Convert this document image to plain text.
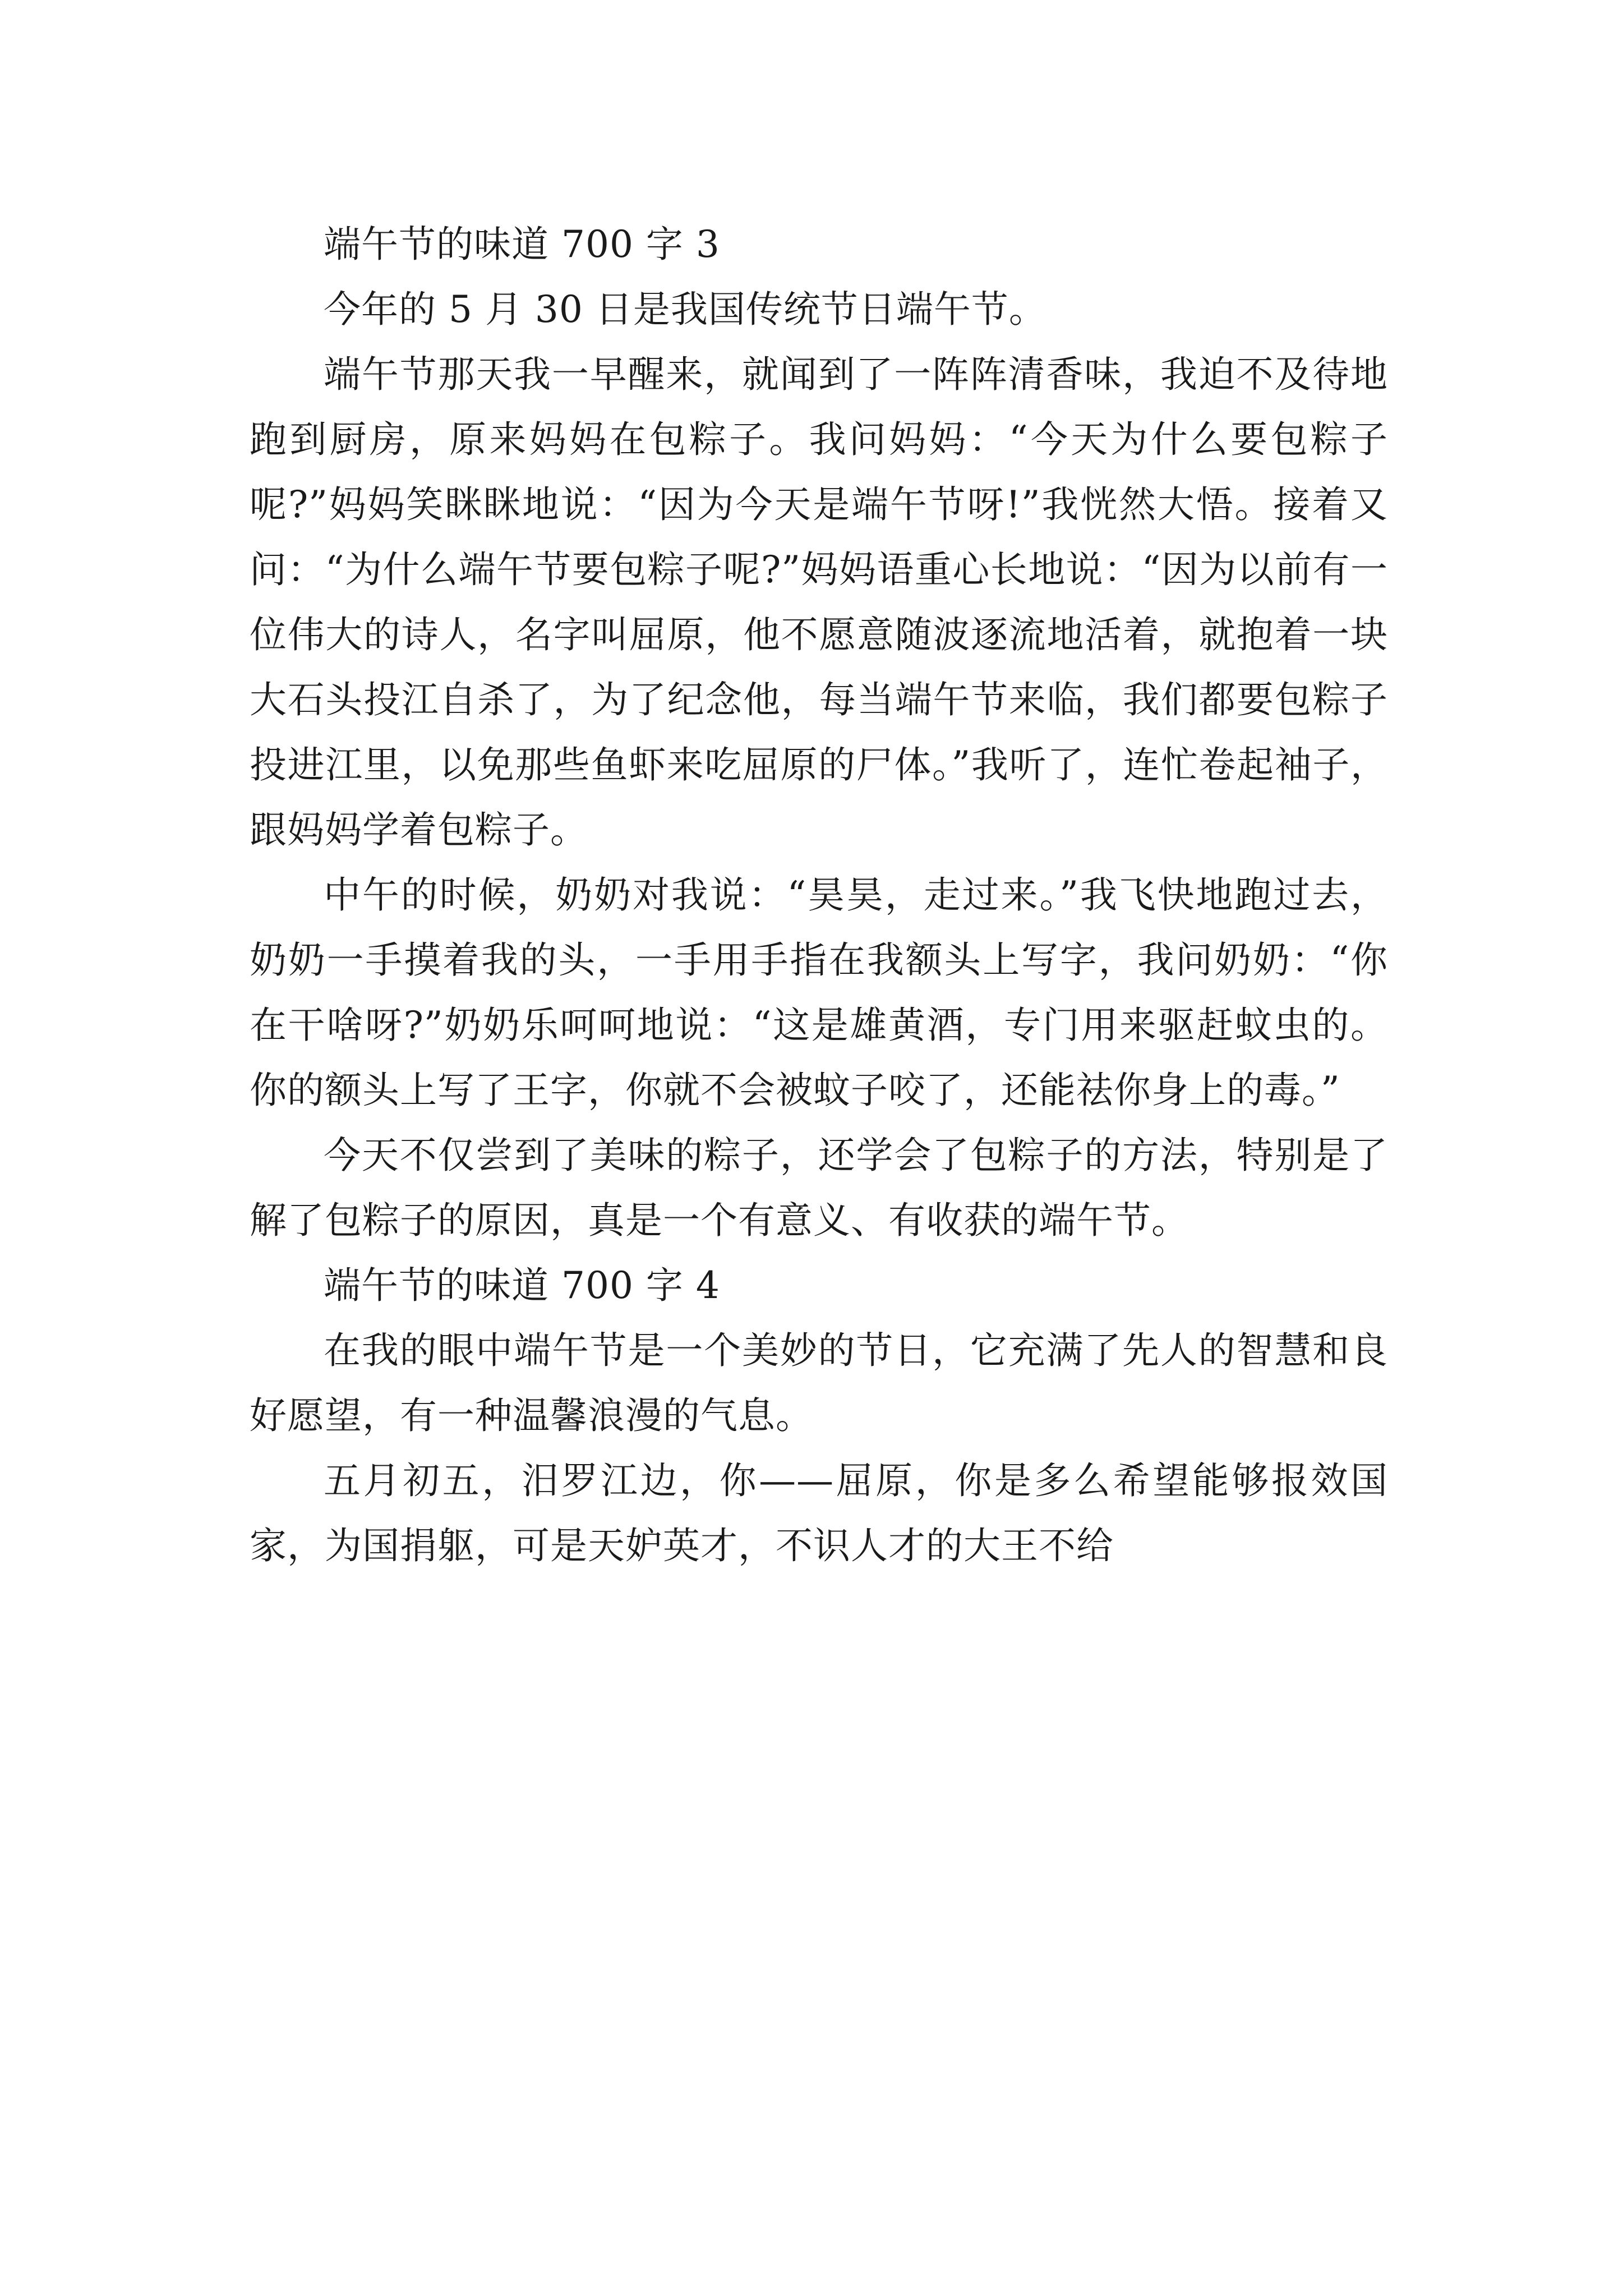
端午节的味道 700 字 3

今年的 5 月 30 日是我国传统节日端午节。

端午节那天我一早醒来，就闻到了一阵阵清香味，我迫不及待地跑到厨房，原来妈妈在包粽子。我问妈妈：“今天为什么要包粽子呢?”妈妈笑眯眯地说：“因为今天是端午节呀!”我恍然大悟。接着又问：“为什么端午节要包粽子呢?”妈妈语重心长地说：“因为以前有一位伟大的诗人，名字叫屈原，他不愿意随波逐流地活着，就抱着一块大石头投江自杀了，为了纪念他，每当端午节来临，我们都要包粽子投进江里，以免那些鱼虾来吃屈原的尸体。”我听了，连忙卷起袖子，跟妈妈学着包粽子。

中午的时候，奶奶对我说：“昊昊，走过来。”我飞快地跑过去，奶奶一手摸着我的头，一手用手指在我额头上写字，我问奶奶：“你在干啥呀?”奶奶乐呵呵地说：“这是雄黄酒，专门用来驱赶蚊虫的。你的额头上写了王字，你就不会被蚊子咬了，还能祛你身上的毒。”

今天不仅尝到了美味的粽子，还学会了包粽子的方法，特别是了解了包粽子的原因，真是一个有意义、有收获的端午节。

端午节的味道 700 字 4

在我的眼中端午节是一个美妙的节日，它充满了先人的智慧和良好愿望，有一种温馨浪漫的气息。

五月初五，汨罗江边，你——屈原，你是多么希望能够报效国家，为国捐躯，可是天妒英才，不识人才的大王不给
